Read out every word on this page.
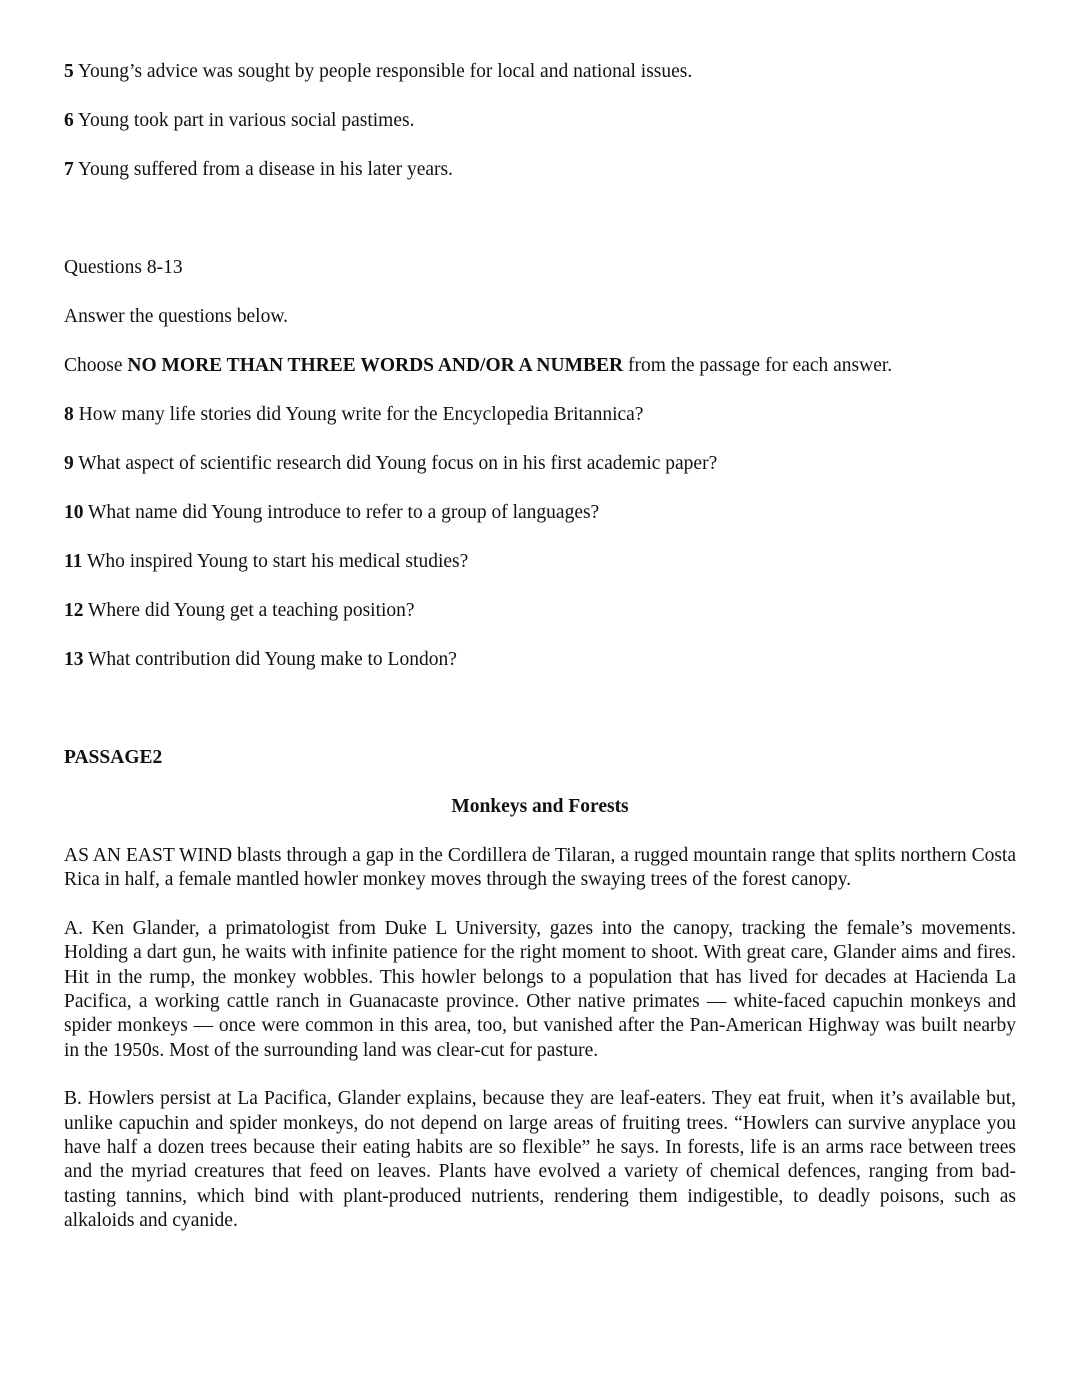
5 Young’s advice was sought by people responsible for local and national issues.

6 Young took part in various social pastimes.

7 Young suffered from a disease in his later years.

Questions 8-13

Answer the questions below.

Choose NO MORE THAN THREE WORDS AND/OR A NUMBER from the passage for each answer.

8 How many life stories did Young write for the Encyclopedia Britannica?

9 What aspect of scientific research did Young focus on in his first academic paper?

10 What name did Young introduce to refer to a group of languages?

11 Who inspired Young to start his medical studies?

12 Where did Young get a teaching position?

13 What contribution did Young make to London?

PASSAGE2

Monkeys and Forests

AS AN EAST WIND blasts through a gap in the Cordillera de Tilaran, a rugged mountain range that splits northern Costa Rica in half, a female mantled howler monkey moves through the swaying trees of the forest canopy.

A. Ken Glander, a primatologist from Duke L University, gazes into the canopy, tracking the female’s movements. Holding a dart gun, he waits with infinite patience for the right moment to shoot. With great care, Glander aims and fires. Hit in the rump, the monkey wobbles. This howler belongs to a population that has lived for decades at Hacienda La Pacifica, a working cattle ranch in Guanacaste province. Other native primates — white-faced capuchin monkeys and spider monkeys — once were common in this area, too, but vanished after the Pan-American Highway was built nearby in the 1950s. Most of the surrounding land was clear-cut for pasture.

B. Howlers persist at La Pacifica, Glander explains, because they are leaf-eaters. They eat fruit, when it’s available but, unlike capuchin and spider monkeys, do not depend on large areas of fruiting trees. “Howlers can survive anyplace you have half a dozen trees because their eating habits are so flexible” he says. In forests, life is an arms race between trees and the myriad creatures that feed on leaves. Plants have evolved a variety of chemical defences, ranging from bad-tasting tannins, which bind with plant-produced nutrients, rendering them indigestible, to deadly poisons, such as alkaloids and cyanide.
